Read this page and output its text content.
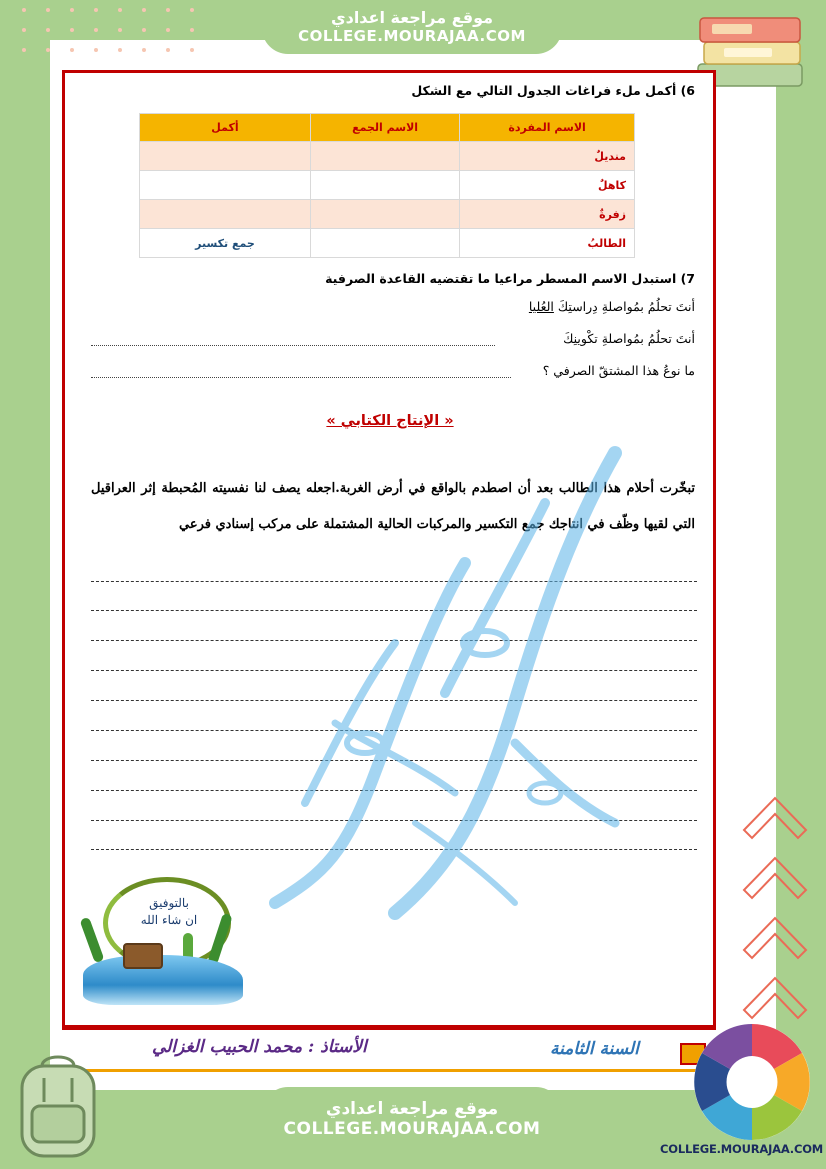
موقع مراجعة اعدادي
COLLEGE.MOURAJAA.COM
6) أكمل ملء فراغات الجدول التالي مع الشكل
الاسم المفردة	الاسم الجمع	أكمل
منديلٌ		
كاهلٌ		
زفرةٌ		
الطالبُ		جمع تكسير
7) استبدل الاسم المسطر مراعيا ما تقتضيه القاعدة الصرفية
أنتَ تحلُمُ بمُواصلةِ دِراستِكَ العُليا
أنتَ تحلُمُ بمُواصلةِ تكْوينِكَ
ما نوعُ هذا المشتقّ الصرفي ؟
« الإنتاج الكتابي »
تبخّرت أحلام هذا الطالب بعد أن اصطدم بالواقع في أرض الغربة.اجعله يصف لنا نفسيته المُحبطة إثر العراقيل التي لقيها وظّف في انتاجك جمع التكسير والمركبات الحالية المشتملة على مركب إسنادي فرعي
بالتوفيق
ان شاء الله
الأستاذ : محمد الحبيب الغزالي	السنة الثامنة
موقع مراجعة اعدادي
COLLEGE.MOURAJAA.COM
COLLEGE.MOURAJAA.COM
